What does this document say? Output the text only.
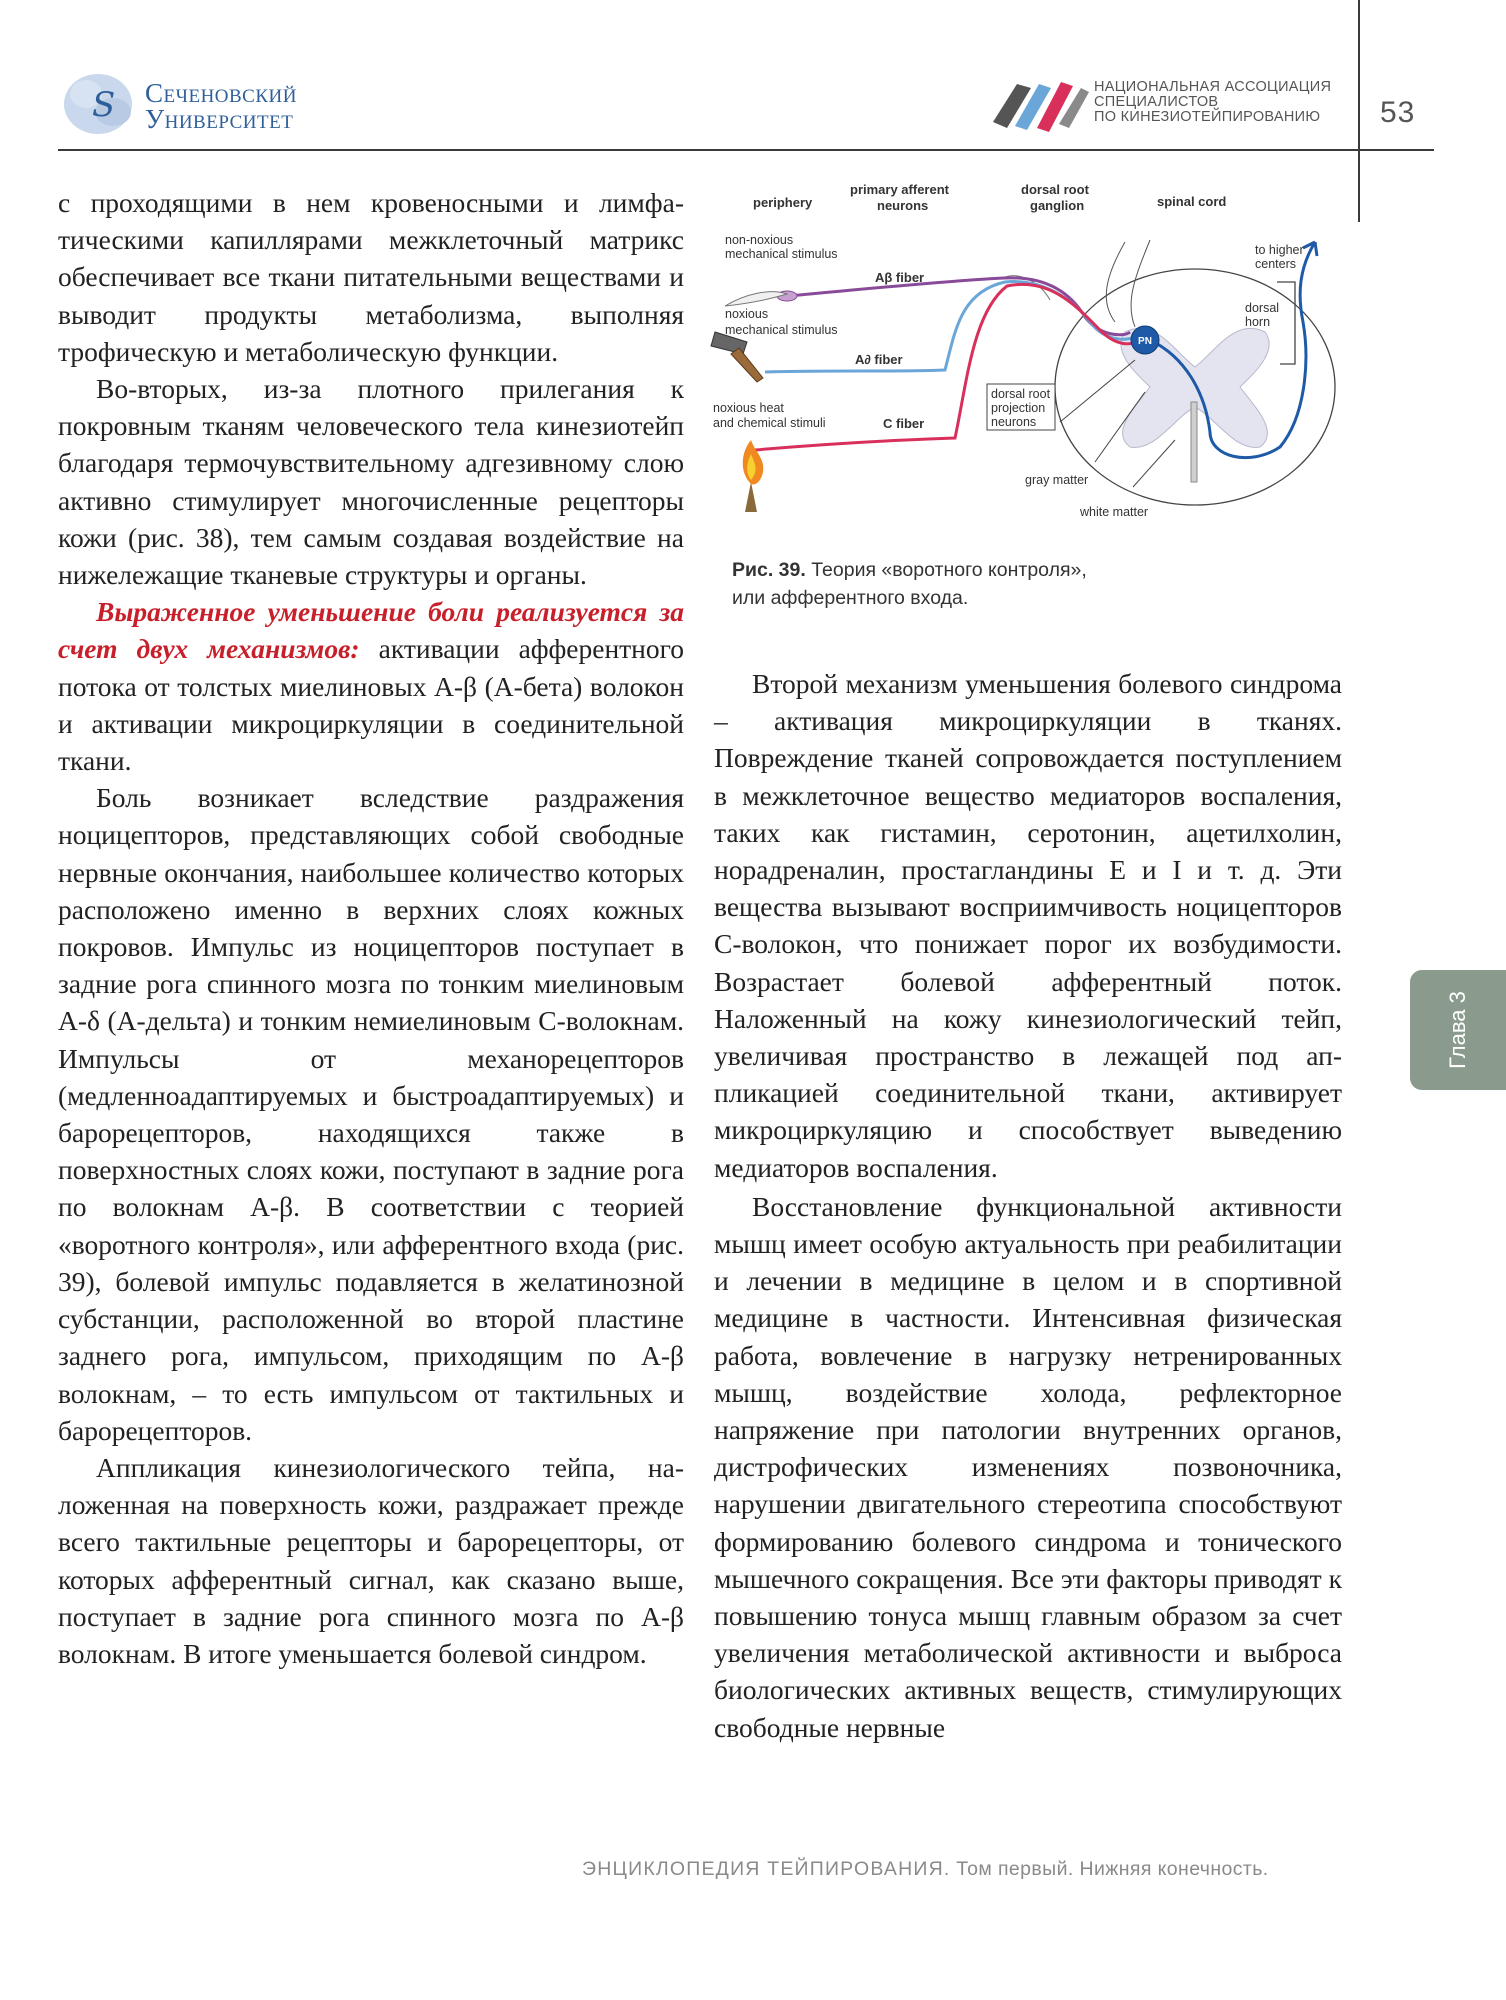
S Сеченовский
Университет
НАЦИОНАЛЬНАЯ АССОЦИАЦИЯ
СПЕЦИАЛИСТОВ
ПО КИНЕЗИОТЕЙПИРОВАНИЮ	53

с проходящими в нем кровеносными и лимфатическими капиллярами межклеточный матрикс обеспечивает все ткани питательными веществами и выводит продукты метаболизма, выполняя трофическую и метаболическую функции.

Во-вторых, из-за плотного прилегания к покровным тканям человеческого тела кинезиотейп благодаря термочувствительному адгезивному слою активно стимулирует многочисленные рецепторы кожи (рис. 38), тем самым создавая воздействие на нижележащие тканевые структуры и органы.

Выраженное уменьшение боли реализуется за счет двух механизмов: активации афферентного потока от толстых миелиновых А-β (А-бета) волокон и активации микроциркуляции в соединительной ткани.

Боль возникает вследствие раздражения ноцицепторов, представляющих собой свободные нервные окончания, наибольшее количество которых расположено именно в верхних слоях кожных покровов. Импульс из ноцицепторов поступает в задние рога спинного мозга по тонким миелиновым А-δ (А-дельта) и тонким немиелиновым С-волокнам. Импульсы от механорецепторов (медленноадаптируемых и быстроадаптируемых) и барорецепторов, находящихся также в поверхностных слоях кожи, поступают в задние рога по волокнам А-β. В соответствии с теорией «воротного контроля», или афферентного входа (рис. 39), болевой импульс подавляется в желатинозной субстанции, расположенной во второй пластине заднего рога, импульсом, приходящим по А-β волокнам, – то есть импульсом от тактильных и барорецепторов.

Аппликация кинезиологического тейпа, наложенная на поверхность кожи, раздражает прежде всего тактильные рецепторы и барорецепторы, от которых афферентный сигнал, как сказано выше, поступает в задние рога спинного мозга по А-β волокнам. В итоге уменьшается болевой синдром.

periphery
primary afferent
neurons
dorsal root
ganglion	spinal cord
PN
non-noxious
mechanical stimulus
Aβ fiber
noxious
mechanical stimulus
A∂ fiber
noxious heat
and chemical stimuli	C fiber
dorsal root
projection
neurons
to higher
centers
dorsal
horn
gray matter
white matter
Рис. 39. Теория «воротного контроля»,
или афферентного входа.

Второй механизм уменьшения болевого синдрома – активация микроциркуляции в тканях. Повреждение тканей сопровождается поступлением в межклеточное вещество медиаторов воспаления, таких как гистамин, серотонин, ацетилхолин, норадреналин, простагландины Е и I и т. д. Эти вещества вызывают восприимчивость ноцицепторов С-волокон, что понижает порог их возбудимости. Возрастает болевой афферентный поток. Наложенный на кожу кинезиологический тейп, увеличивая пространство в лежащей под аппликацией соединительной ткани, активирует микроциркуляцию и способствует выведению медиаторов воспаления.

Восстановление функциональной активности мышц имеет особую актуальность при реабилитации и лечении в медицине в целом и в спортивной медицине в частности. Интенсивная физическая работа, вовлечение в нагрузку нетренированных мышц, воздействие холода, рефлекторное напряжение при патологии внутренних органов, дистрофических изменениях позвоночника, нарушении двигательного стереотипа способствуют формированию болевого синдрома и тонического мышечного сокращения. Все эти факторы приводят к повышению тонуса мышц главным образом за счет увеличения метаболической активности и выброса биологических активных веществ, стимулирующих свободные нервные

Глава 3
ЭНЦИКЛОПЕДИЯ ТЕЙПИРОВАНИЯ. Том первый. Нижняя конечность.
